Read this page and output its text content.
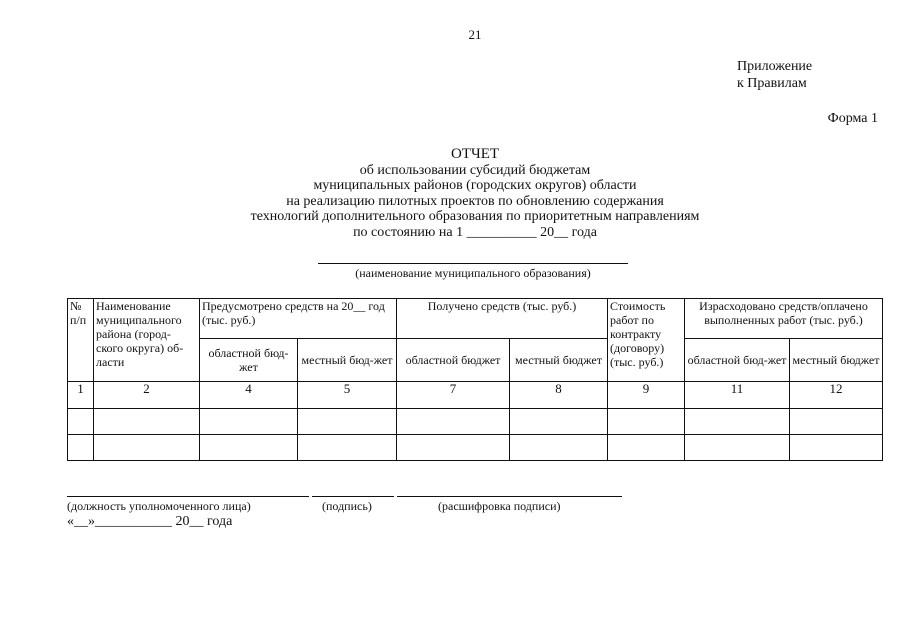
21
Приложение
к Правилам
Форма 1
ОТЧЕТ
об использовании субсидий бюджетам
муниципальных районов (городских округов) области
на реализацию пилотных проектов по обновлению содержания
технологий дополнительного образования по приоритетным направлениям
по состоянию на 1 __________ 20__ года
(наименование муниципального образования)
№ п/п	Наименование муниципального района (город-ского округа) об-ласти	Предусмотрено средств на 20__ год (тыс. руб.)		Получено средств (тыс. руб.)		Стоимость работ по контракту (договору) (тыс. руб.)	Израсходовано средств/оплачено выполненных работ (тыс. руб.)	
		областной бюд-жет	местный бюд-жет	областной бюджет	местный бюджет		областной бюд-жет	местный бюджет
1	2	4	5	7	8	9	11	12

(должность уполномоченного лица)	(подпись)	(расшифровка подписи)
«__»___________ 20__ года
